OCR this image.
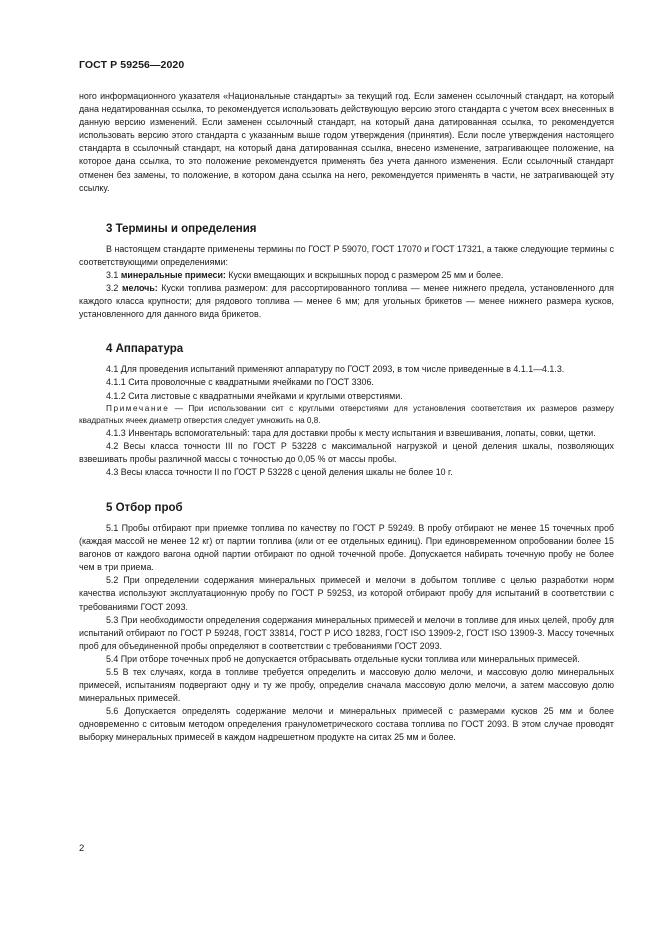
ГОСТ Р 59256—2020

ного информационного указателя «Национальные стандарты» за текущий год. Если заменен ссылочный стандарт, на который дана недатированная ссылка, то рекомендуется использовать действующую версию этого стандарта с учетом всех внесенных в данную версию изменений. Если заменен ссылочный стандарт, на который дана датированная ссылка, то рекомендуется использовать версию этого стандарта с указанным выше годом утверждения (принятия). Если после утверждения настоящего стандарта в ссылочный стандарт, на который дана датированная ссылка, внесено изменение, затрагивающее положение, на которое дана ссылка, то это положение рекомендуется применять без учета данного изменения. Если ссылочный стандарт отменен без замены, то положение, в котором дана ссылка на него, рекомендуется применять в части, не затрагивающей эту ссылку.

3 Термины и определения

В настоящем стандарте применены термины по ГОСТ Р 59070, ГОСТ 17070 и ГОСТ 17321, а также следующие термины с соответствующими определениями:

3.1 минеральные примеси: Куски вмещающих и вскрышных пород с размером 25 мм и более.

3.2 мелочь: Куски топлива размером: для рассортированного топлива — менее нижнего предела, установленного для каждого класса крупности; для рядового топлива — менее 6 мм; для угольных брикетов — менее нижнего размера кусков, установленного для данного вида брикетов.

4 Аппаратура

4.1 Для проведения испытаний применяют аппаратуру по ГОСТ 2093, в том числе приведенные в 4.1.1—4.1.3.

4.1.1 Сита проволочные с квадратными ячейками по ГОСТ 3306.

4.1.2 Сита листовые с квадратными ячейками и круглыми отверстиями.

Примечание — При использовании сит с круглыми отверстиями для установления соответствия их размеров размеру квадратных ячеек диаметр отверстия следует умножить на 0,8.

4.1.3 Инвентарь вспомогательный: тара для доставки пробы к месту испытания и взвешивания, лопаты, совки, щетки.

4.2 Весы класса точности III по ГОСТ Р 53228 с максимальной нагрузкой и ценой деления шкалы, позволяющих взвешивать пробы различной массы с точностью до 0,05 % от массы пробы.

4.3 Весы класса точности II по ГОСТ Р 53228 с ценой деления шкалы не более 10 г.

5 Отбор проб

5.1 Пробы отбирают при приемке топлива по качеству по ГОСТ Р 59249. В пробу отбирают не менее 15 точечных проб (каждая массой не менее 12 кг) от партии топлива (или от ее отдельных единиц). При единовременном опробовании более 15 вагонов от каждого вагона одной партии отбирают по одной точечной пробе. Допускается набирать точечную пробу не более чем в три приема.

5.2 При определении содержания минеральных примесей и мелочи в добытом топливе с целью разработки норм качества используют эксплуатационную пробу по ГОСТ Р 59253, из которой отбирают пробу для испытаний в соответствии с требованиями ГОСТ 2093.

5.3 При необходимости определения содержания минеральных примесей и мелочи в топливе для иных целей, пробу для испытаний отбирают по ГОСТ Р 59248, ГОСТ 33814, ГОСТ Р ИСО 18283, ГОСТ ISO 13909-2, ГОСТ ISO 13909-3. Массу точечных проб для объединенной пробы определяют в соответствии с требованиями ГОСТ 2093.

5.4 При отборе точечных проб не допускается отбрасывать отдельные куски топлива или минеральных примесей.

5.5 В тех случаях, когда в топливе требуется определить и массовую долю мелочи, и массовую долю минеральных примесей, испытаниям подвергают одну и ту же пробу, определив сначала массовую долю мелочи, а затем массовую долю минеральных примесей.

5.6 Допускается определять содержание мелочи и минеральных примесей с размерами кусков 25 мм и более одновременно с ситовым методом определения гранулометрического состава топлива по ГОСТ 2093. В этом случае проводят выборку минеральных примесей в каждом надрешетном продукте на ситах 25 мм и более.

2
